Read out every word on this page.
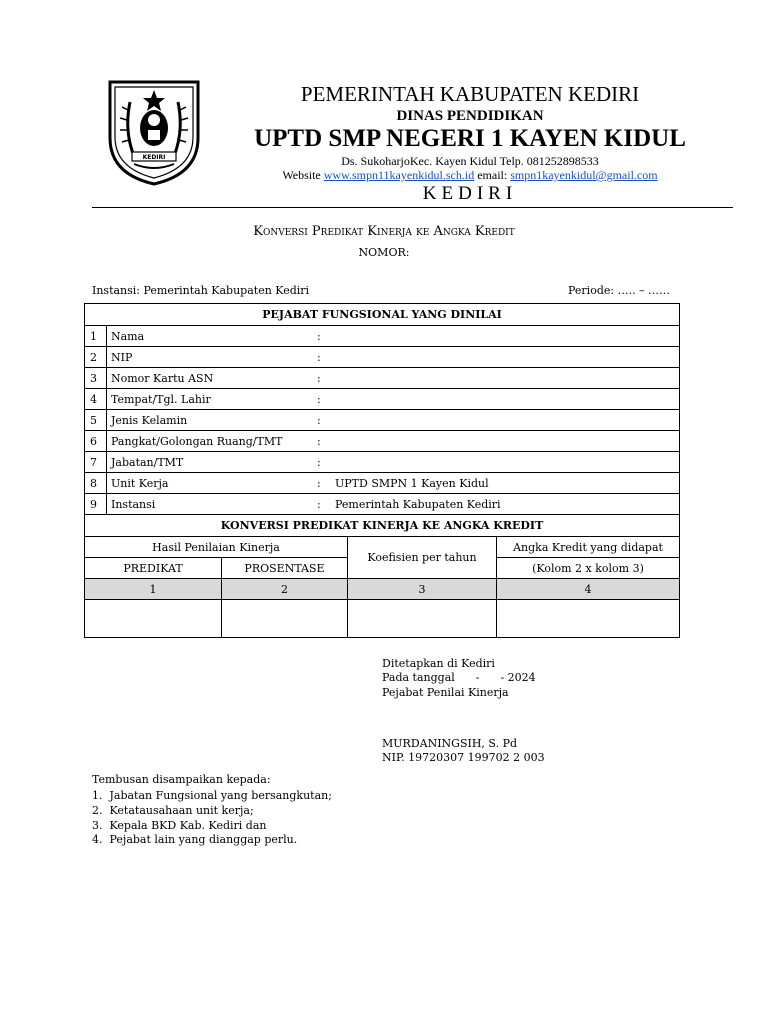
KEDIRI
PEMERINTAH KABUPATEN KEDIRI
DINAS PENDIDIKAN
UPTD SMP NEGERI 1 KAYEN KIDUL
Ds. SukoharjoKec. Kayen Kidul Telp. 081252898533
Website www.smpn11kayenkidul.sch.id email: smpn1kayenkidul@gmail.com
KEDIRI
Konversi Predikat Kinerja ke Angka Kredit
NOMOR:
Instansi: Pemerintah Kabupaten Kediri	Periode: ….. – ……
PEJABAT FUNGSIONAL YANG DINILAI				
1	Nama :			
2	NIP :			
3	Nomor Kartu ASN :			
4	Tempat/Tgl. Lahir :			
5	Jenis Kelamin :			
6	Pangkat/Golongan Ruang/TMT :			
7	Jabatan/TMT :			
8	Unit Kerja : UPTD SMPN 1 Kayen Kidul			
9	Instansi : Pemerintah Kabupaten Kediri			
KONVERSI PREDIKAT KINERJA KE ANGKA KREDIT				
Hasil Penilaian Kinerja			Koefisien per tahun	Angka Kredit yang didapat
PREDIKAT		PROSENTASE		(Kolom 2 x kolom 3)
1		2	3	4

Ditetapkan di Kediri
Pada tanggal      -      - 2024
Pejabat Penilai Kinerja
MURDANINGSIH, S. Pd
NIP. 19720307 199702 2 003
Tembusan disampaikan kepada:
1.  Jabatan Fungsional yang bersangkutan;
2.  Ketatausahaan unit kerja;
3.  Kepala BKD Kab. Kediri dan
4.  Pejabat lain yang dianggap perlu.
